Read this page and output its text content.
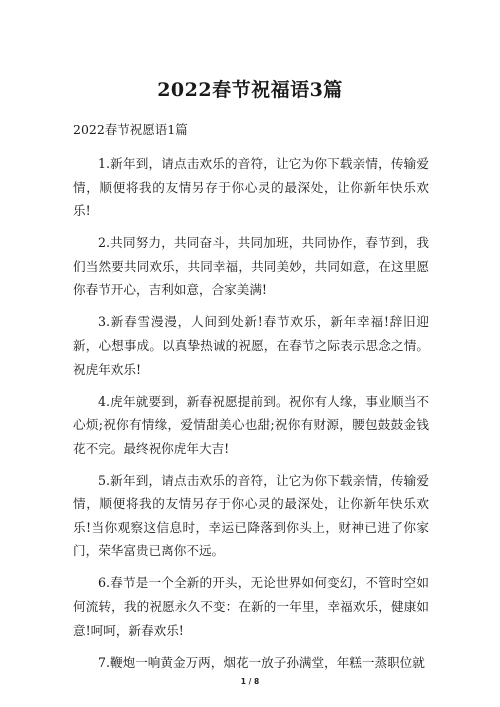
2022春节祝福语3篇
2022春节祝愿语1篇

1.新年到，请点击欢乐的音符，让它为你下载亲情，传输爱情，顺便将我的友情另存于你心灵的最深处，让你新年快乐欢乐!

2.共同努力，共同奋斗，共同加班，共同协作，春节到，我们当然要共同欢乐，共同幸福，共同美妙，共同如意，在这里愿你春节开心，吉利如意，合家美满!

3.新春雪漫漫，人间到处新!春节欢乐，新年幸福!辞旧迎新，心想事成。以真挚热诚的祝愿，在春节之际表示思念之情。祝虎年欢乐!

4.虎年就要到，新春祝愿提前到。祝你有人缘，事业顺当不心烦;祝你有情缘，爱情甜美心也甜;祝你有财源，腰包鼓鼓金钱花不完。最终祝你虎年大吉!

5.新年到，请点击欢乐的音符，让它为你下载亲情，传输爱情，顺便将我的友情另存于你心灵的最深处，让你新年快乐欢乐!当你观察这信息时，幸运已降落到你头上，财神已进了你家门，荣华富贵已离你不远。

6.春节是一个全新的开头，无论世界如何变幻，不管时空如何流转，我的祝愿永久不变：在新的一年里，幸福欢乐，健康如意!呵呵，新春欢乐!

7.鞭炮一响黄金万两，烟花一放子孙满堂，年糕一蒸职位就

1 / 8
